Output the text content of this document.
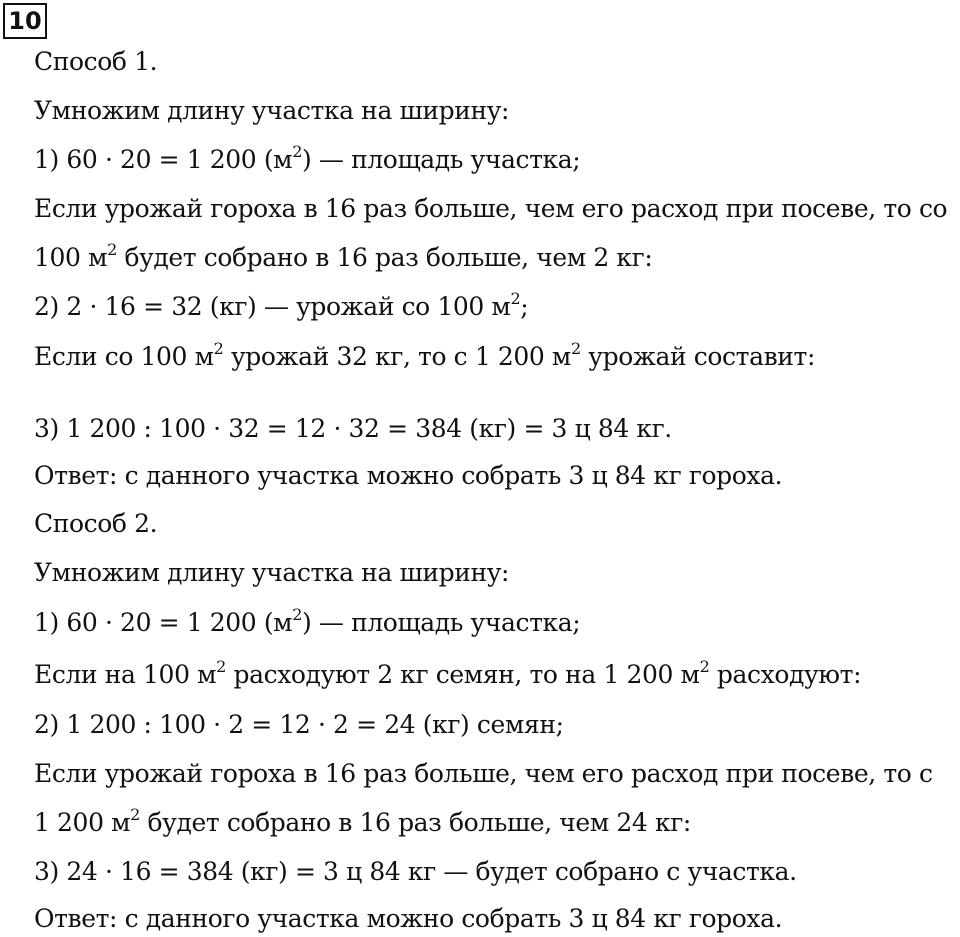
10
Способ 1.
Умножим длину участка на ширину:
1) 60 · 20 = 1 200 $(м^2)$ — площадь участка;
Если урожай гороха в 16 раз больше, чем его расход при посеве, то со
100 $м^2$ будет собрано в 16 раз больше, чем 2 кг:
2) 2 · 16 = 32 (кг) — урожай со 100 $м^2$;
Если со 100 $м^2$ урожай 32 кг, то с 1 200 $м^2$ урожай составит:
3) 1 200 : 100 · 32 = 12 · 32 = 384 (кг) = 3 ц 84 кг.
Ответ: с данного участка можно собрать 3 ц 84 кг гороха.
Способ 2.
Умножим длину участка на ширину:
1) 60 · 20 = 1 200 $(м^2)$ — площадь участка;
Если на 100 $м^2$ расходуют 2 кг семян, то на 1 200 $м^2$ расходуют:
2) 1 200 : 100 · 2 = 12 · 2 = 24 (кг) семян;
Если урожай гороха в 16 раз больше, чем его расход при посеве, то с
1 200 $м^2$ будет собрано в 16 раз больше, чем 24 кг:
3) 24 · 16 = 384 (кг) = 3 ц 84 кг — будет собрано с участка.
Ответ: с данного участка можно собрать 3 ц 84 кг гороха.
